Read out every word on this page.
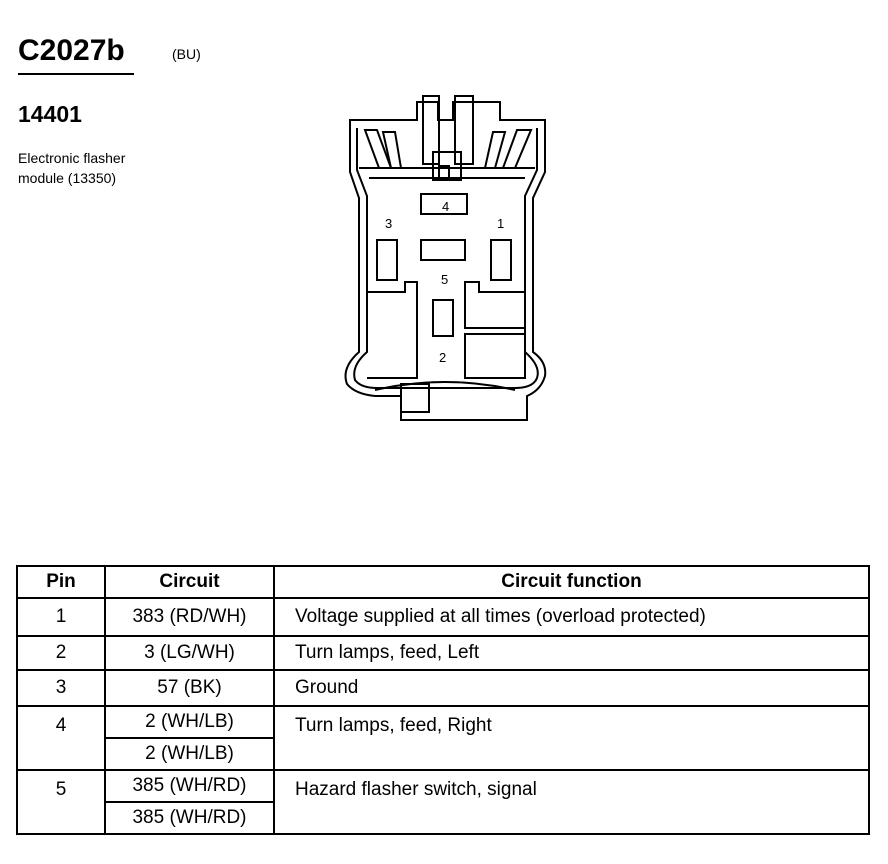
C2027b	(BU)
14401
Electronic flasher
module (13350)
4
3	1
5
2
Pin	Circuit	Circuit function
1	383 (RD/WH)	Voltage supplied at all times (overload protected)
2	3 (LG/WH)	Turn lamps, feed, Left
3	57 (BK)	Ground
4	2 (WH/LB)	Turn lamps, feed, Right
	2 (WH/LB)	
5	385 (WH/RD)	Hazard flasher switch, signal
	385 (WH/RD)	
